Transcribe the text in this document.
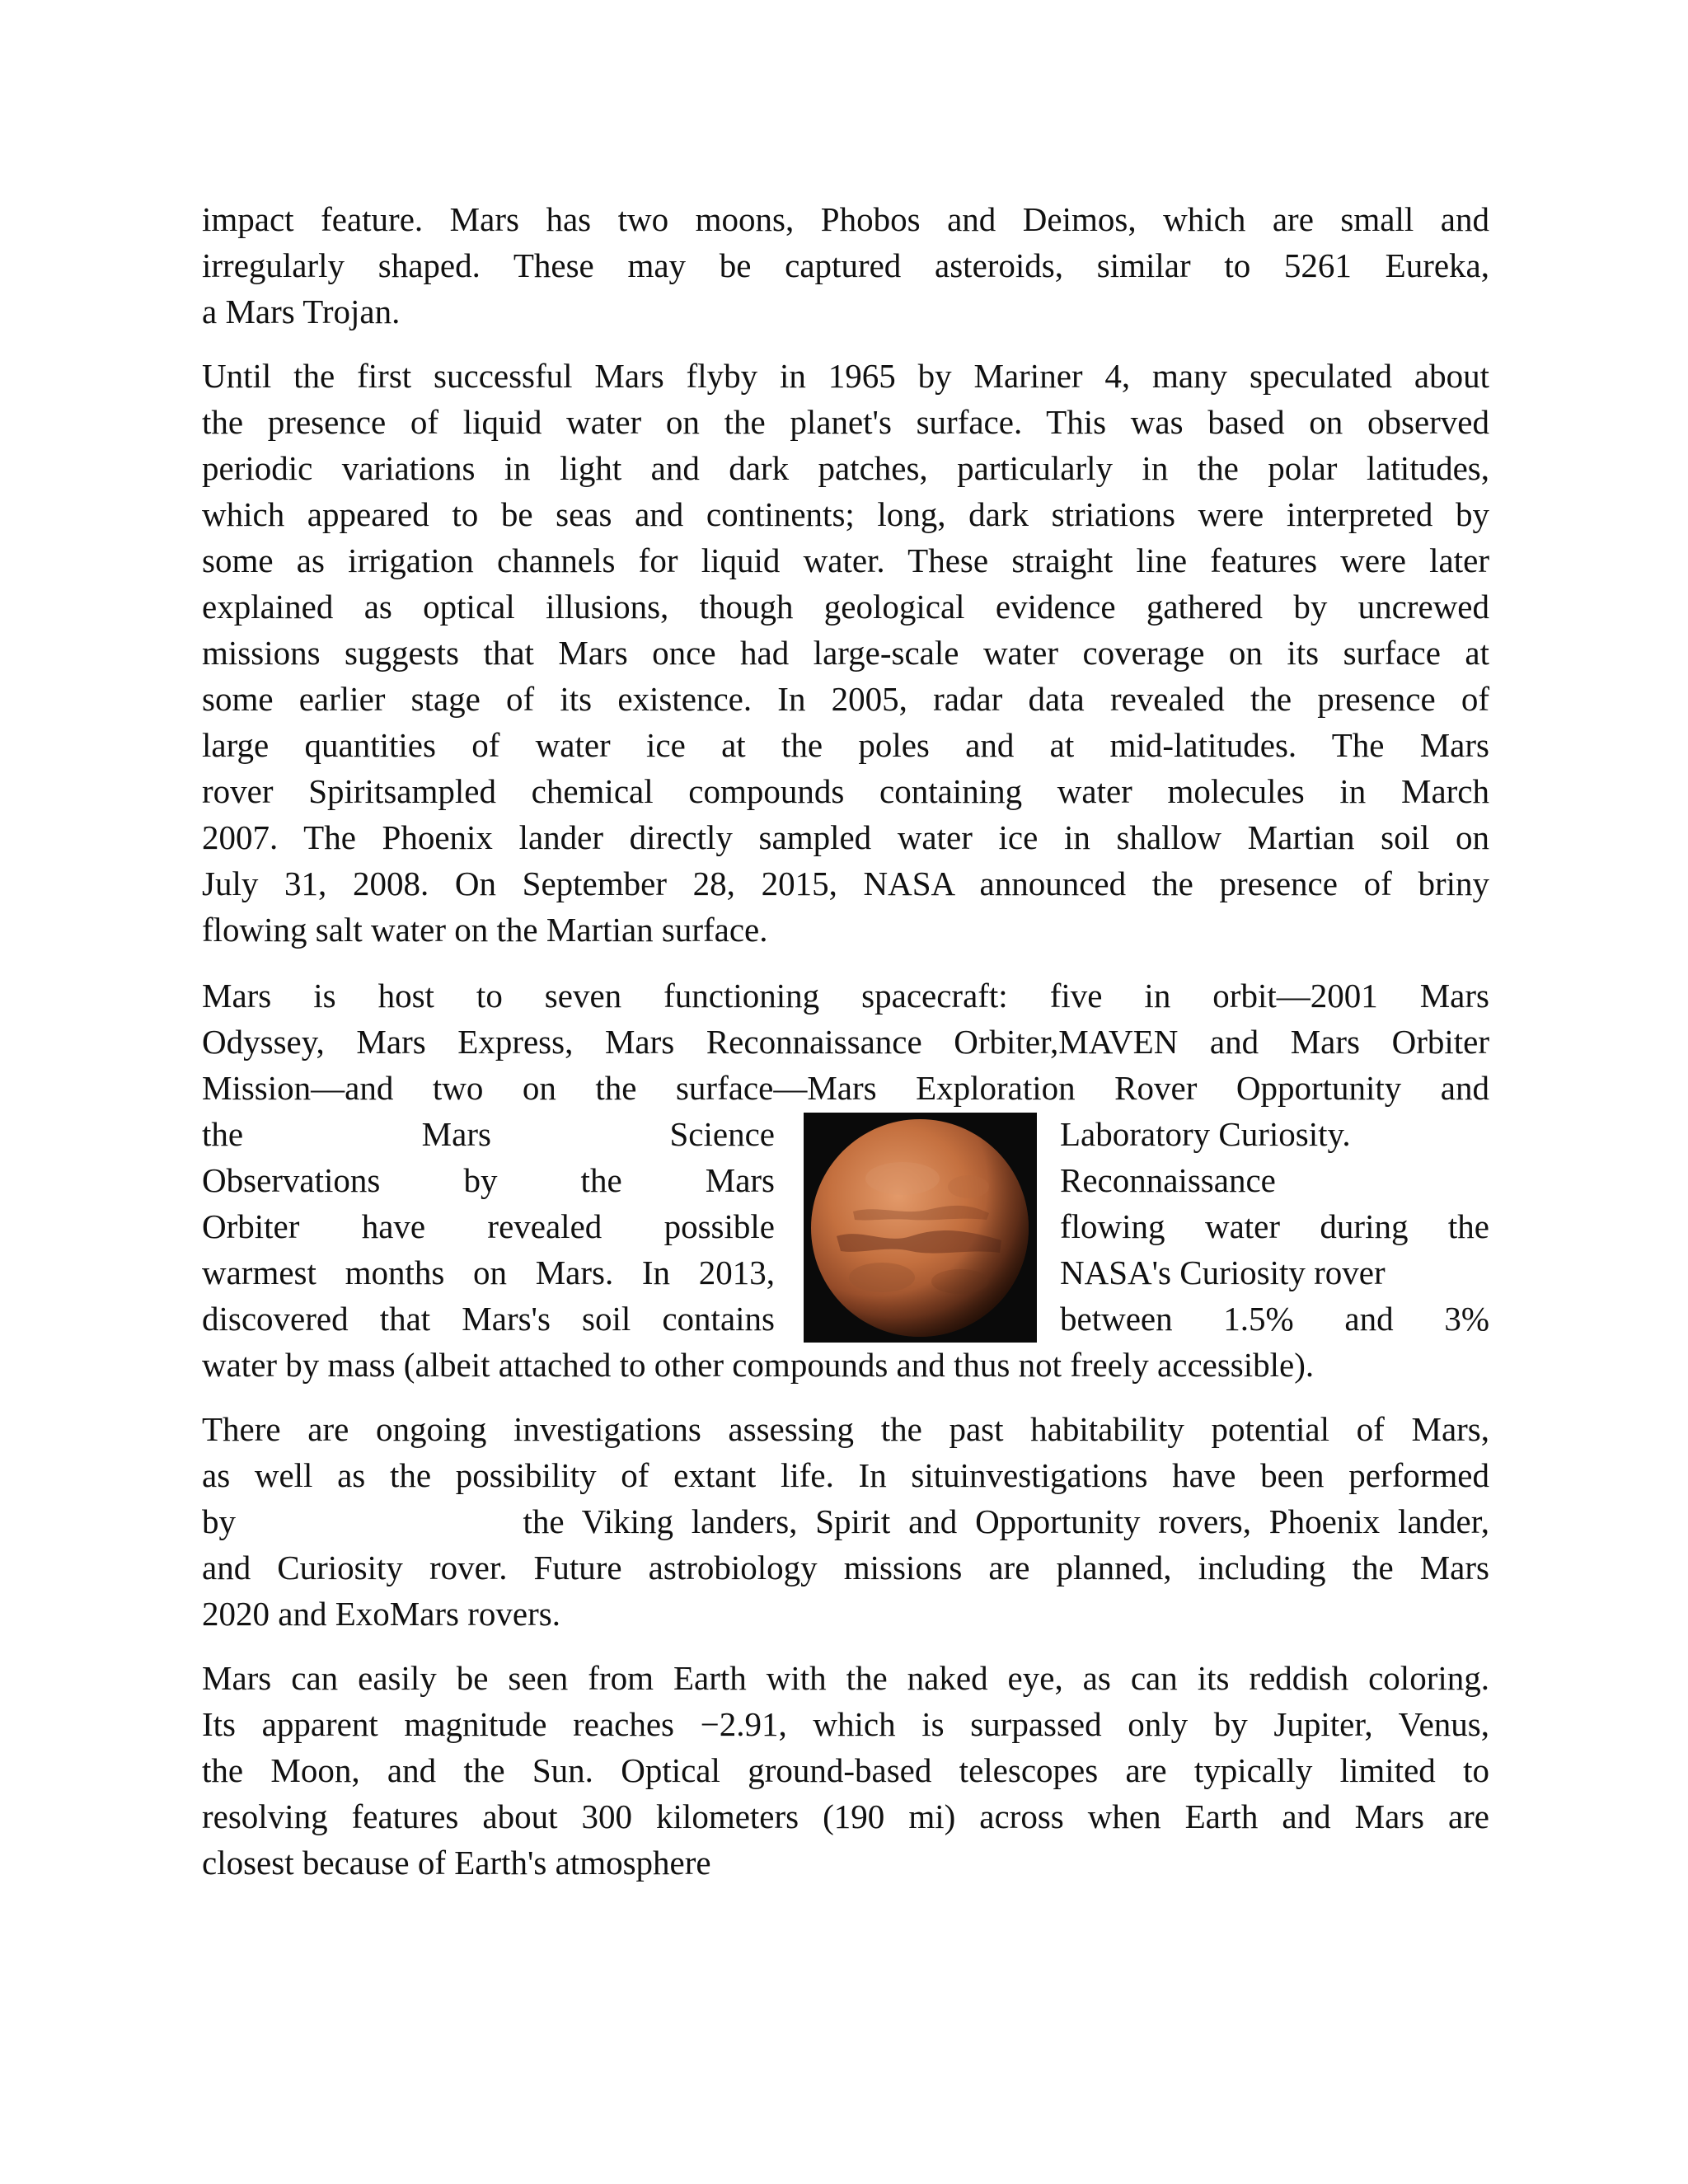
impact feature. Mars has two moons, Phobos and Deimos, which are small and
irregularly shaped. These may be captured asteroids, similar to 5261 Eureka,
a Mars Trojan.
Until the first successful Mars flyby in 1965 by Mariner 4, many speculated about
the presence of liquid water on the planet's surface. This was based on observed
periodic variations in light and dark patches, particularly in the polar latitudes,
which appeared to be seas and continents; long, dark striations were interpreted by
some as irrigation channels for liquid water. These straight line features were later
explained as optical illusions, though geological evidence gathered by uncrewed
missions suggests that Mars once had large-scale water coverage on its surface at
some earlier stage of its existence. In 2005, radar data revealed the presence of
large quantities of water ice at the poles and at mid-latitudes. The Mars
rover Spiritsampled chemical compounds containing water molecules in March
2007. The Phoenix lander directly sampled water ice in shallow Martian soil on
July 31, 2008. On September 28, 2015, NASA announced the presence of briny
flowing salt water on the Martian surface.
Mars is host to seven functioning spacecraft: five in orbit—2001 Mars
Odyssey, Mars Express, Mars Reconnaissance Orbiter,MAVEN and Mars Orbiter
Mission—and two on the surface—Mars Exploration Rover Opportunity and
the Mars Science	Laboratory Curiosity.
Observations by the Mars	Reconnaissance
Orbiter have revealed possible	flowing water during the
warmest months on Mars. In 2013,	NASA's Curiosity rover
discovered that Mars's soil contains	between 1.5% and 3%
water by mass (albeit attached to other compounds and thus not freely accessible).
There are ongoing investigations assessing the past habitability potential of Mars,
as well as the possibility of extant life. In situinvestigations have been performed
by                the Viking landers, Spirit and Opportunity rovers, Phoenix lander,
and Curiosity rover. Future astrobiology missions are planned, including the Mars
2020 and ExoMars rovers.
Mars can easily be seen from Earth with the naked eye, as can its reddish coloring.
Its apparent magnitude reaches −2.91, which is surpassed only by Jupiter, Venus,
the Moon, and the Sun. Optical ground-based telescopes are typically limited to
resolving features about 300 kilometers (190 mi) across when Earth and Mars are
closest because of Earth's atmosphere
